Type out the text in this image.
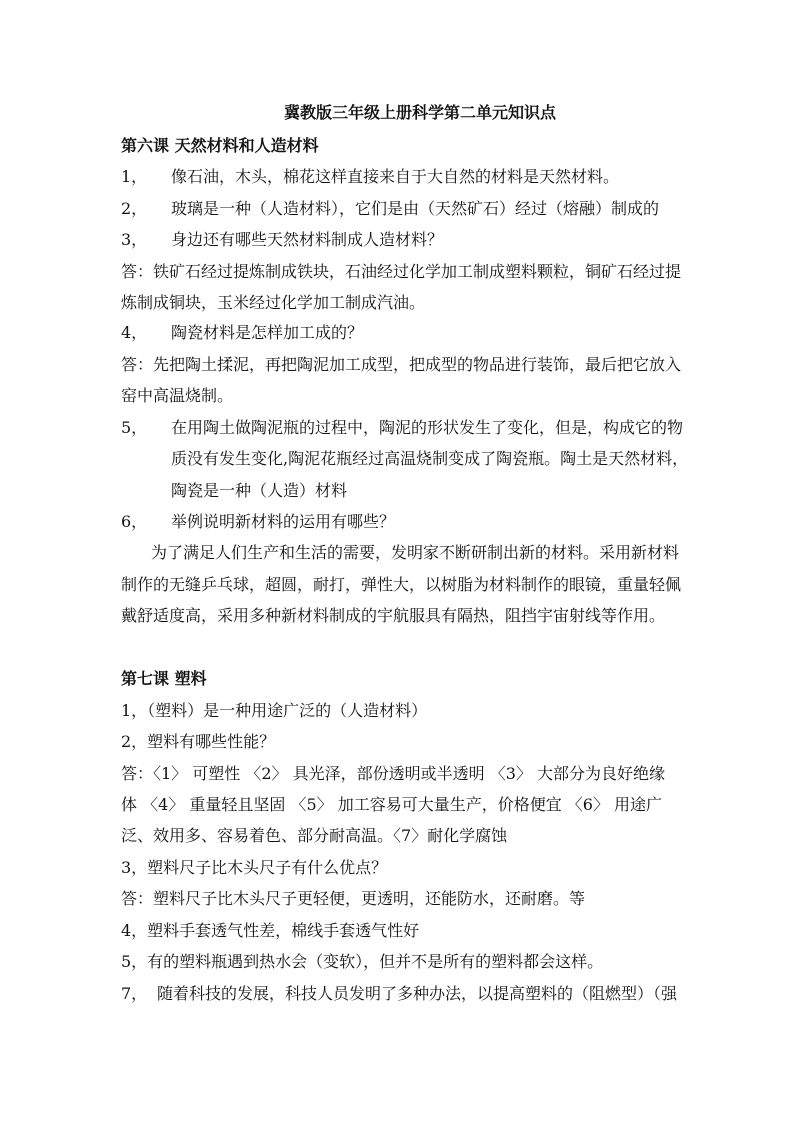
冀教版三年级上册科学第二单元知识点
第六课 天然材料和人造材料
1， 像石油，木头，棉花这样直接来自于大自然的材料是天然材料。
2， 玻璃是一种（人造材料），它们是由（天然矿石）经过（熔融）制成的
3， 身边还有哪些天然材料制成人造材料？
答：铁矿石经过提炼制成铁块，石油经过化学加工制成塑料颗粒，铜矿石经过提
炼制成铜块，玉米经过化学加工制成汽油。
4， 陶瓷材料是怎样加工成的？
答：先把陶土揉泥，再把陶泥加工成型，把成型的物品进行装饰，最后把它放入
窑中高温烧制。
5， 在用陶土做陶泥瓶的过程中，陶泥的形状发生了变化，但是，构成它的物
质没有发生变化,陶泥花瓶经过高温烧制变成了陶瓷瓶。陶土是天然材料，
陶瓷是一种（人造）材料
6， 举例说明新材料的运用有哪些？
为了满足人们生产和生活的需要，发明家不断研制出新的材料。采用新材料
制作的无缝乒乓球，超圆，耐打，弹性大，以树脂为材料制作的眼镜，重量轻佩
戴舒适度高，采用多种新材料制成的宇航服具有隔热，阻挡宇宙射线等作用。
第七课 塑料
1，（塑料）是一种用途广泛的（人造材料）
2，塑料有哪些性能？
答：〈1〉 可塑性 〈2〉 具光泽，部份透明或半透明 〈3〉 大部分为良好绝缘
体 〈4〉 重量轻且坚固 〈5〉 加工容易可大量生产，价格便宜 〈6〉 用途广
泛、效用多、容易着色、部分耐高温。〈7〉耐化学腐蚀
3，塑料尺子比木头尺子有什么优点？
答：塑料尺子比木头尺子更轻便，更透明，还能防水，还耐磨。等
4，塑料手套透气性差，棉线手套透气性好
5，有的塑料瓶遇到热水会（变软），但并不是所有的塑料都会这样。
7， 随着科技的发展，科技人员发明了多种办法，以提高塑料的（阻燃型）（强
